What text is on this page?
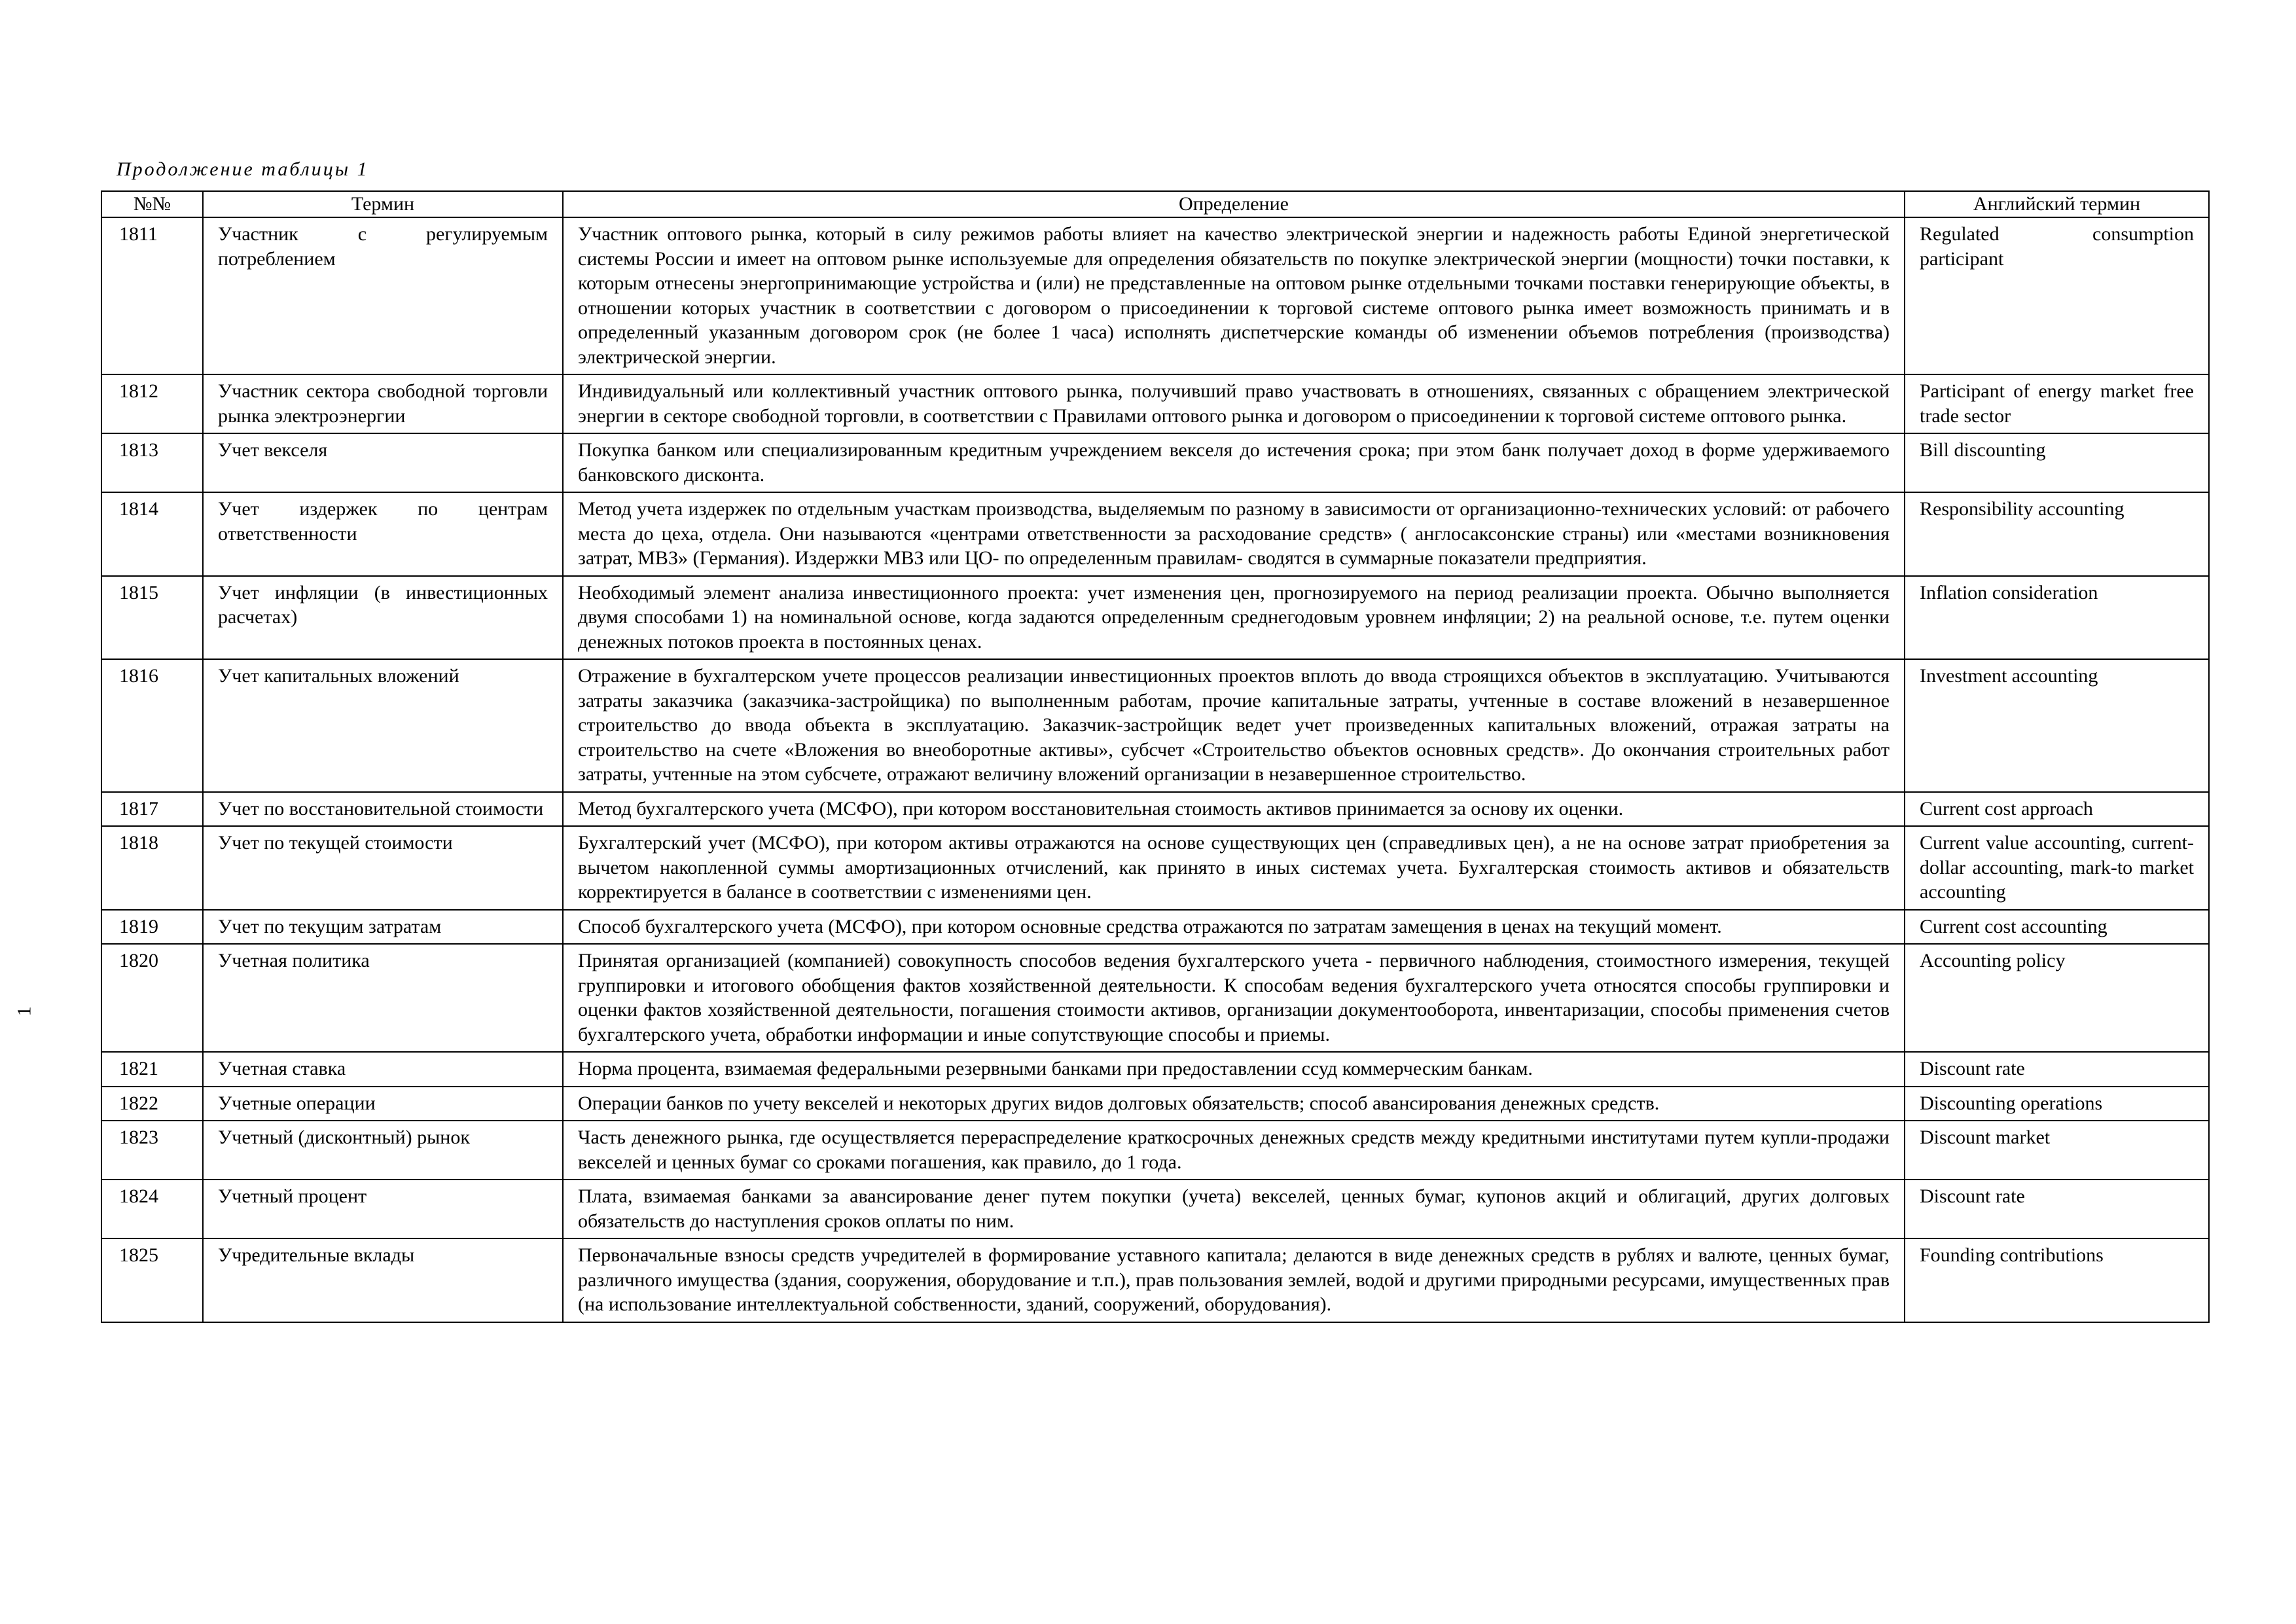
Продолжение таблицы 1
1
№№	Термин	Определение	Английский термин
1811	Участник с регулируемым потреблением	Участник оптового рынка, который в силу режимов работы влияет на качество электрической энергии и надежность работы Единой энергетической системы России и имеет на оптовом рынке используемые для определения обязательств по покупке электрической энергии (мощности) точки поставки, к которым отнесены энергопринимающие устройства и (или) не представленные на оптовом рынке отдельными точками поставки генерирующие объекты, в отношении которых участник в соответствии с договором о присоединении к торговой системе оптового рынка имеет возможность принимать и в определенный указанным договором срок (не более 1 часа) исполнять диспетчерские команды об изменении объемов потребления (производства) электрической энергии.	Regulated consumption participant
1812	Участник сектора свободной торговли рынка электроэнергии	Индивидуальный или коллективный участник оптового рынка, получивший право участвовать в отношениях, связанных с обращением электрической энергии в секторе свободной торговли, в соответствии с Правилами оптового рынка и договором о присоединении к торговой системе оптового рынка.	Participant of energy market free trade sector
1813	Учет векселя	Покупка банком или специализированным кредитным учреждением векселя до истечения срока; при этом банк получает доход в форме удерживаемого банковского дисконта.	Bill discounting
1814	Учет издержек по центрам ответственности	Метод учета издержек по отдельным участкам производства, выделяемым по разному в зависимости от организационно-технических условий: от рабочего места до цеха, отдела. Они называются «центрами ответственности за расходование средств» ( англосаксонские страны) или «местами возникновения затрат, МВЗ» (Германия). Издержки МВЗ или ЦО- по определенным правилам- сводятся в суммарные показатели предприятия.	Responsibility accounting
1815	Учет инфляции (в инвестиционных расчетах)	Необходимый элемент анализа инвестиционного проекта: учет изменения цен, прогнозируемого на период реализации проекта. Обычно выполняется двумя способами 1) на номинальной основе, когда задаются определенным среднегодовым уровнем инфляции; 2) на реальной основе, т.е. путем оценки денежных потоков проекта в постоянных ценах.	Inflation consideration
1816	Учет капитальных вложений	Отражение в бухгалтерском учете процессов реализации инвестиционных проектов вплоть до ввода строящихся объектов в эксплуатацию. Учитываются затраты заказчика (заказчика-застройщика) по выполненным работам, прочие капитальные затраты, учтенные в составе вложений в незавершенное строительство до ввода объекта в эксплуатацию. Заказчик-застройщик ведет учет произведенных капитальных вложений, отражая затраты на строительство на счете «Вложения во внеоборотные активы», субсчет «Строительство объектов основных средств». До окончания строительных работ затраты, учтенные на этом субсчете, отражают величину вложений организации в незавершенное строительство.	Investment accounting
1817	Учет по восстановительной стоимости	Метод бухгалтерского учета (МСФО), при котором восстановительная стоимость активов принимается за основу их оценки.	Current cost approach
1818	Учет по текущей стоимости	Бухгалтерский учет (МСФО), при котором активы отражаются на основе существующих цен (справедливых цен), а не на основе затрат приобретения за вычетом накопленной суммы амортизационных отчислений, как принято в иных системах учета. Бухгалтерская стоимость активов и обязательств корректируется в балансе в соответствии с изменениями цен.	Current value accounting, current-dollar accounting, mark-to market accounting
1819	Учет по текущим затратам	Способ бухгалтерского учета (МСФО), при котором основные средства отражаются по затратам замещения в ценах на текущий момент.	Current cost accounting
1820	Учетная политика	Принятая организацией (компанией) совокупность способов ведения бухгалтерского учета - первичного наблюдения, стоимостного измерения, текущей группировки и итогового обобщения фактов хозяйственной деятельности. К способам ведения бухгалтерского учета относятся способы группировки и оценки фактов хозяйственной деятельности, погашения стоимости активов, организации документооборота, инвентаризации, способы применения счетов бухгалтерского учета, обработки информации и иные сопутствующие способы и приемы.	Accounting policy
1821	Учетная ставка	Норма процента, взимаемая федеральными резервными банками при предоставлении ссуд коммерческим банкам.	Discount rate
1822	Учетные операции	Операции банков по учету векселей и некоторых других видов долговых обязательств; способ авансирования денежных средств.	Discounting operations
1823	Учетный (дисконтный) рынок	Часть денежного рынка, где осуществляется перераспределение краткосрочных денежных средств между кредитными институтами путем купли-продажи векселей и ценных бумаг со сроками погашения, как правило, до 1 года.	Discount market
1824	Учетный процент	Плата, взимаемая банками за авансирование денег путем покупки (учета) векселей, ценных бумаг, купонов акций и облигаций, других долговых обязательств до наступления сроков оплаты по ним.	Discount rate
1825	Учредительные вклады	Первоначальные взносы средств учредителей в формирование уставного капитала; делаются в виде денежных средств в рублях и валюте, ценных бумаг, различного имущества (здания, сооружения, оборудование и т.п.), прав пользования землей, водой и другими природными ресурсами, имущественных прав (на использование интеллектуальной собственности, зданий, сооружений, оборудования).	Founding contributions
